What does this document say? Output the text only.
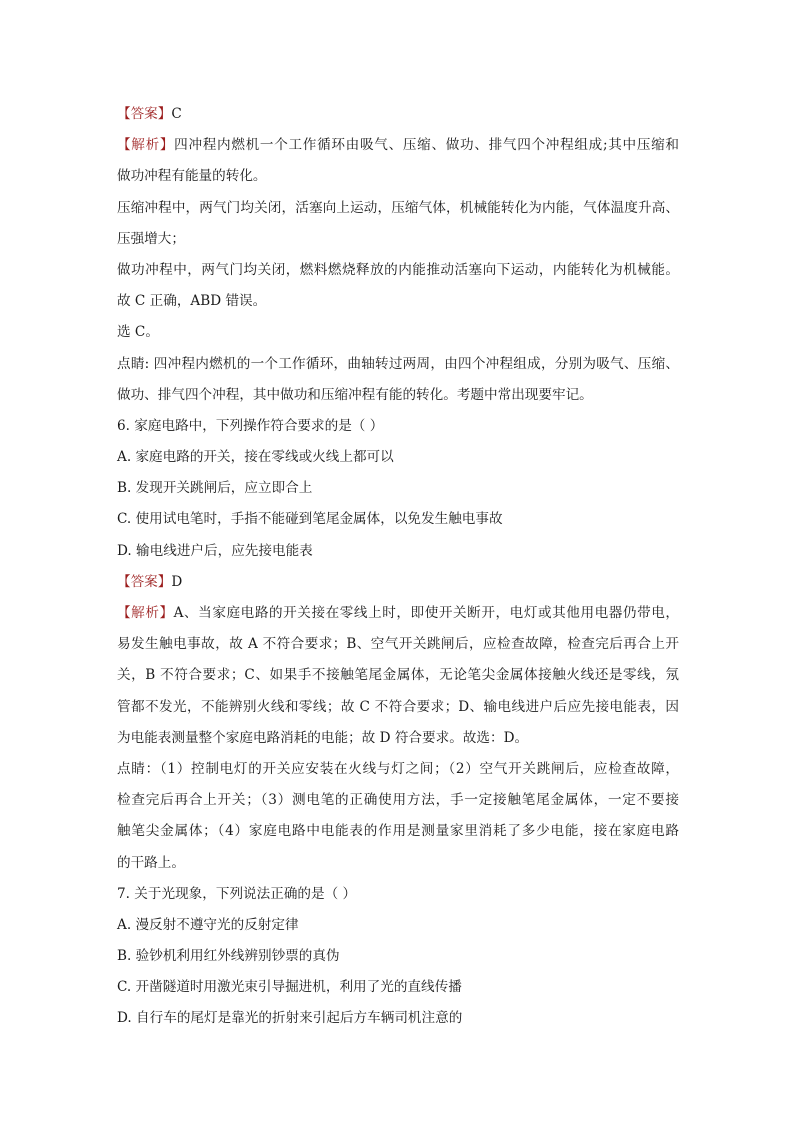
【答案】C
【解析】四冲程内燃机一个工作循环由吸气、压缩、做功、排气四个冲程组成;其中压缩和
做功冲程有能量的转化。
压缩冲程中，两气门均关闭，活塞向上运动，压缩气体，机械能转化为内能，气体温度升高、
压强增大；
做功冲程中，两气门均关闭，燃料燃烧释放的内能推动活塞向下运动，内能转化为机械能。
故 C 正确，ABD 错误。
选 C。
点睛: 四冲程内燃机的一个工作循环，曲轴转过两周，由四个冲程组成，分别为吸气、压缩、
做功、排气四个冲程，其中做功和压缩冲程有能的转化。考题中常出现要牢记。
6. 家庭电路中，下列操作符合要求的是（ ）
A. 家庭电路的开关，接在零线或火线上都可以
B. 发现开关跳闸后，应立即合上
C. 使用试电笔时，手指不能碰到笔尾金属体，以免发生触电事故
D. 输电线进户后，应先接电能表
【答案】D
【解析】A、当家庭电路的开关接在零线上时，即使开关断开，电灯或其他用电器仍带电，
易发生触电事故，故 A 不符合要求；B、空气开关跳闸后，应检查故障，检查完后再合上开
关，B 不符合要求；C、如果手不接触笔尾金属体，无论笔尖金属体接触火线还是零线，氖
管都不发光，不能辨别火线和零线；故 C 不符合要求；D、输电线进户后应先接电能表，因
为电能表测量整个家庭电路消耗的电能；故 D 符合要求。故选：D。
点睛：（1）控制电灯的开关应安装在火线与灯之间；（2）空气开关跳闸后，应检查故障，
检查完后再合上开关；（3）测电笔的正确使用方法，手一定接触笔尾金属体，一定不要接
触笔尖金属体；（4）家庭电路中电能表的作用是测量家里消耗了多少电能，接在家庭电路
的干路上。
7. 关于光现象，下列说法正确的是（ ）
A. 漫反射不遵守光的反射定律
B. 验钞机利用红外线辨别钞票的真伪
C. 开凿隧道时用激光束引导掘进机，利用了光的直线传播
D. 自行车的尾灯是靠光的折射来引起后方车辆司机注意的
